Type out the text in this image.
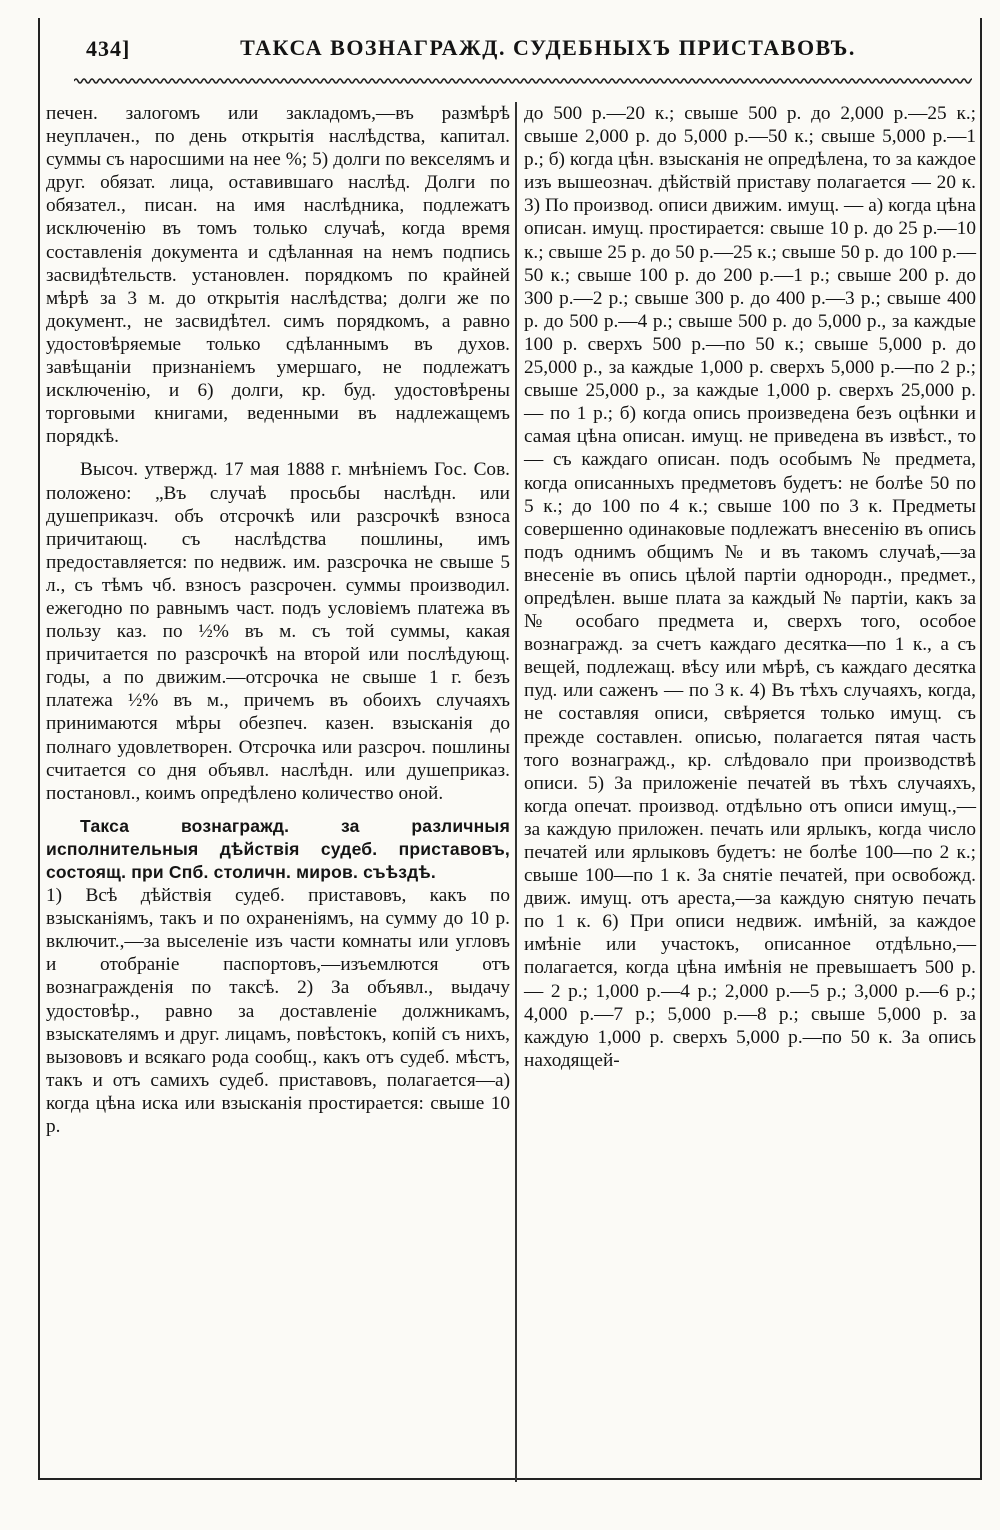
434]	ТАКСА ВОЗНАГРАЖД. СУДЕБНЫХЪ ПРИСТАВОВЪ.

печен. залогомъ или закладомъ,—въ размѣрѣ неуплачен., по день открытія наслѣдства, капитал. суммы съ наросшими на нее %; 5) долги по векселямъ и друг. обязат. лица, оставившаго наслѣд. Долги по обязател., писан. на имя наслѣдника, подлежатъ исключенію въ томъ только случаѣ, когда время составленія документа и сдѣланная на немъ подпись засвидѣтельств. установлен. порядкомъ по крайней мѣрѣ за 3 м. до открытія наслѣдства; долги же по документ., не засвидѣтел. симъ порядкомъ, а равно удостовѣряемые только сдѣланнымъ въ духов. завѣщаніи признаніемъ умершаго, не подлежатъ исключенію, и 6) долги, кр. буд. удостовѣрены торговыми книгами, веденными въ надлежащемъ порядкѣ.

Высоч. утвержд. 17 мая 1888 г. мнѣніемъ Гос. Сов. положено: „Въ случаѣ просьбы наслѣдн. или душеприказч. объ отсрочкѣ или разсрочкѣ взноса причитающ. съ наслѣдства пошлины, имъ предоставляется: по недвиж. им. разсрочка не свыше 5 л., съ тѣмъ чб. взносъ разсрочен. суммы производил. ежегодно по равнымъ част. подъ условіемъ платежа въ пользу каз. по ½% въ м. съ той суммы, какая причитается по разсрочкѣ на второй или послѣдующ. годы, а по движим.—отсрочка не свыше 1 г. безъ платежа ½% въ м., причемъ въ обоихъ случаяхъ принимаются мѣры обезпеч. казен. взысканія до полнаго удовлетворен. Отсрочка или разсроч. пошлины считается со дня объявл. наслѣдн. или душеприказ. постановл., коимъ опредѣлено количество оной.

Такса вознагражд. за различныя исполнительныя дѣйствія судеб. приставовъ, состоящ. при Спб. столичн. миров. съѣздѣ.

1) Всѣ дѣйствія судеб. приставовъ, какъ по взысканіямъ, такъ и по охраненіямъ, на сумму до 10 р. включит.,—за выселеніе изъ части комнаты или угловъ и отобраніе паспортовъ,—изъемлются отъ вознагражденія по таксѣ. 2) За объявл., выдачу удостовѣр., равно за доставленіе должникамъ, взыскателямъ и друг. лицамъ, повѣстокъ, копій съ нихъ, вызововъ и всякаго рода сообщ., какъ отъ судеб. мѣстъ, такъ и отъ самихъ судеб. приставовъ, полагается—а) когда цѣна иска или взысканія простирается: свыше 10 р.

до 500 р.—20 к.; свыше 500 р. до 2,000 р.—25 к.; свыше 2,000 р. до 5,000 р.—50 к.; свыше 5,000 р.—1 р.; б) когда цѣн. взысканія не опредѣлена, то за каждое изъ вышеознач. дѣйствій приставу полагается — 20 к. 3) По производ. описи движим. имущ. — а) когда цѣна описан. имущ. простирается: свыше 10 р. до 25 р.—10 к.; свыше 25 р. до 50 р.—25 к.; свыше 50 р. до 100 р.—50 к.; свыше 100 р. до 200 р.—1 р.; свыше 200 р. до 300 р.—2 р.; свыше 300 р. до 400 р.—3 р.; свыше 400 р. до 500 р.—4 р.; свыше 500 р. до 5,000 р., за каждые 100 р. сверхъ 500 р.—по 50 к.; свыше 5,000 р. до 25,000 р., за каждые 1,000 р. сверхъ 5,000 р.—по 2 р.; свыше 25,000 р., за каждые 1,000 р. сверхъ 25,000 р. — по 1 р.; б) когда опись произведена безъ оцѣнки и самая цѣна описан. имущ. не приведена въ извѣст., то — съ каждаго описан. подъ особымъ № предмета, когда описанныхъ предметовъ будетъ: не болѣе 50 по 5 к.; до 100 по 4 к.; свыше 100 по 3 к. Предметы совершенно одинаковые подлежатъ внесенію въ опись подъ однимъ общимъ № и въ такомъ случаѣ,—за внесеніе въ опись цѣлой партіи однородн., предмет., опредѣлен. выше плата за каждый № партіи, какъ за № особаго предмета и, сверхъ того, особое вознагражд. за счетъ каждаго десятка—по 1 к., а съ вещей, подлежащ. вѣсу или мѣрѣ, съ каждаго десятка пуд. или саженъ — по 3 к. 4) Въ тѣхъ случаяхъ, когда, не составляя описи, свѣряется только имущ. съ прежде составлен. описью, полагается пятая часть того вознагражд., кр. слѣдовало при производствѣ описи. 5) За приложеніе печатей въ тѣхъ случаяхъ, когда опечат. производ. отдѣльно отъ описи имущ.,—за каждую приложен. печать или ярлыкъ, когда число печатей или ярлыковъ будетъ: не болѣе 100—по 2 к.; свыше 100—по 1 к. За снятіе печатей, при освобожд. движ. имущ. отъ ареста,—за каждую снятую печать по 1 к. 6) При описи недвиж. имѣній, за каждое имѣніе или участокъ, описанное отдѣльно,—полагается, когда цѣна имѣнія не превышаетъ 500 р. — 2 р.; 1,000 р.—4 р.; 2,000 р.—5 р.; 3,000 р.—6 р.; 4,000 р.—7 р.; 5,000 р.—8 р.; свыше 5,000 р. за каждую 1,000 р. сверхъ 5,000 р.—по 50 к. За опись находящей-
